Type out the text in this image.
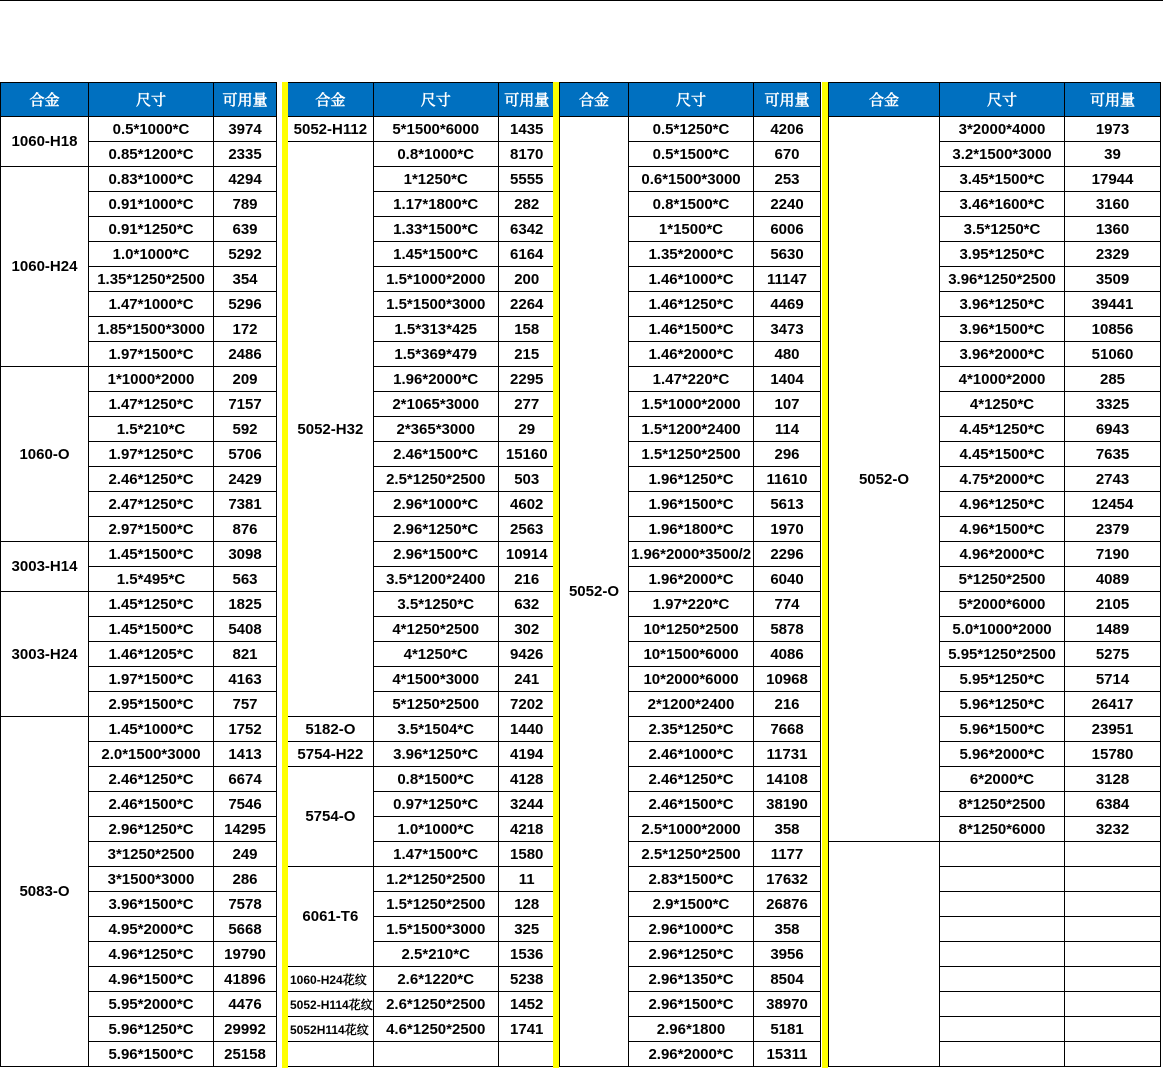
合金	尺寸	可用量
1060-H18	0.5*1000*C	3974
	0.85*1200*C	2335
1060-H24	0.83*1000*C	4294
	0.91*1000*C	789
	0.91*1250*C	639
	1.0*1000*C	5292
	1.35*1250*2500	354
	1.47*1000*C	5296
	1.85*1500*3000	172
	1.97*1500*C	2486
1060-O	1*1000*2000	209
	1.47*1250*C	7157
	1.5*210*C	592
	1.97*1250*C	5706
	2.46*1250*C	2429
	2.47*1250*C	7381
	2.97*1500*C	876
3003-H14	1.45*1500*C	3098
	1.5*495*C	563
3003-H24	1.45*1250*C	1825
	1.45*1500*C	5408
	1.46*1205*C	821
	1.97*1500*C	4163
	2.95*1500*C	757
5083-O	1.45*1000*C	1752
	2.0*1500*3000	1413
	2.46*1250*C	6674
	2.46*1500*C	7546
	2.96*1250*C	14295
	3*1250*2500	249
	3*1500*3000	286
	3.96*1500*C	7578
	4.95*2000*C	5668
	4.96*1250*C	19790
	4.96*1500*C	41896
	5.95*2000*C	4476
	5.96*1250*C	29992
	5.96*1500*C	25158
合金	尺寸	可用量
5052-H112	5*1500*6000	1435
5052-H32	0.8*1000*C	8170
	1*1250*C	5555
	1.17*1800*C	282
	1.33*1500*C	6342
	1.45*1500*C	6164
	1.5*1000*2000	200
	1.5*1500*3000	2264
	1.5*313*425	158
	1.5*369*479	215
	1.96*2000*C	2295
	2*1065*3000	277
	2*365*3000	29
	2.46*1500*C	15160
	2.5*1250*2500	503
	2.96*1000*C	4602
	2.96*1250*C	2563
	2.96*1500*C	10914
	3.5*1200*2400	216
	3.5*1250*C	632
	4*1250*2500	302
	4*1250*C	9426
	4*1500*3000	241
	5*1250*2500	7202
5182-O	3.5*1504*C	1440
5754-H22	3.96*1250*C	4194
5754-O	0.8*1500*C	4128
	0.97*1250*C	3244
	1.0*1000*C	4218
	1.47*1500*C	1580
6061-T6	1.2*1250*2500	11
	1.5*1250*2500	128
	1.5*1500*3000	325
	2.5*210*C	1536
1060-H24花纹	2.6*1220*C	5238
5052-H114花纹	2.6*1250*2500	1452
5052H114花纹	4.6*1250*2500	1741

合金	尺寸	可用量
5052-O	0.5*1250*C	4206
	0.5*1500*C	670
	0.6*1500*3000	253
	0.8*1500*C	2240
	1*1500*C	6006
	1.35*2000*C	5630
	1.46*1000*C	11147
	1.46*1250*C	4469
	1.46*1500*C	3473
	1.46*2000*C	480
	1.47*220*C	1404
	1.5*1000*2000	107
	1.5*1200*2400	114
	1.5*1250*2500	296
	1.96*1250*C	11610
	1.96*1500*C	5613
	1.96*1800*C	1970
	1.96*2000*3500/2	2296
	1.96*2000*C	6040
	1.97*220*C	774
	10*1250*2500	5878
	10*1500*6000	4086
	10*2000*6000	10968
	2*1200*2400	216
	2.35*1250*C	7668
	2.46*1000*C	11731
	2.46*1250*C	14108
	2.46*1500*C	38190
	2.5*1000*2000	358
	2.5*1250*2500	1177
	2.83*1500*C	17632
	2.9*1500*C	26876
	2.96*1000*C	358
	2.96*1250*C	3956
	2.96*1350*C	8504
	2.96*1500*C	38970
	2.96*1800	5181
	2.96*2000*C	15311
合金	尺寸	可用量
5052-O	3*2000*4000	1973
	3.2*1500*3000	39
	3.45*1500*C	17944
	3.46*1600*C	3160
	3.5*1250*C	1360
	3.95*1250*C	2329
	3.96*1250*2500	3509
	3.96*1250*C	39441
	3.96*1500*C	10856
	3.96*2000*C	51060
	4*1000*2000	285
	4*1250*C	3325
	4.45*1250*C	6943
	4.45*1500*C	7635
	4.75*2000*C	2743
	4.96*1250*C	12454
	4.96*1500*C	2379
	4.96*2000*C	7190
	5*1250*2500	4089
	5*2000*6000	2105
	5.0*1000*2000	1489
	5.95*1250*2500	5275
	5.95*1250*C	5714
	5.96*1250*C	26417
	5.96*1500*C	23951
	5.96*2000*C	15780
	6*2000*C	3128
	8*1250*2500	6384
	8*1250*6000	3232
